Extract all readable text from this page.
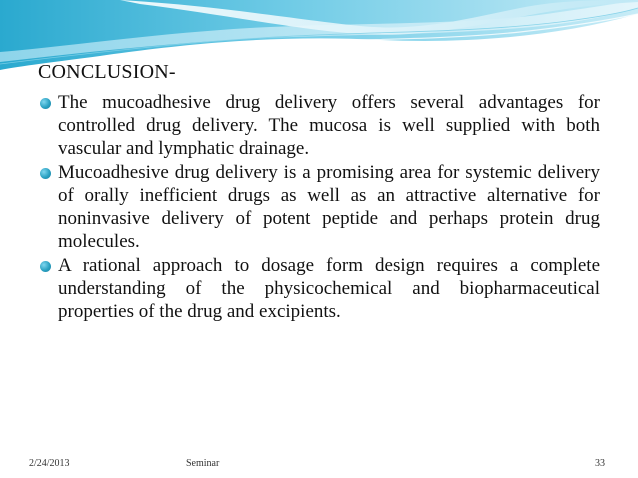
CONCLUSION-
The mucoadhesive drug delivery offers several advantages for controlled drug delivery. The mucosa is well supplied with both vascular and lymphatic drainage.
Mucoadhesive drug delivery is a promising area for systemic delivery of orally inefficient drugs as well as an attractive alternative for noninvasive delivery of potent peptide and perhaps protein drug molecules.
A rational approach to dosage form design requires a complete understanding of the physicochemical and biopharmaceutical properties of the drug and excipients.
2/24/2013	Seminar	33
